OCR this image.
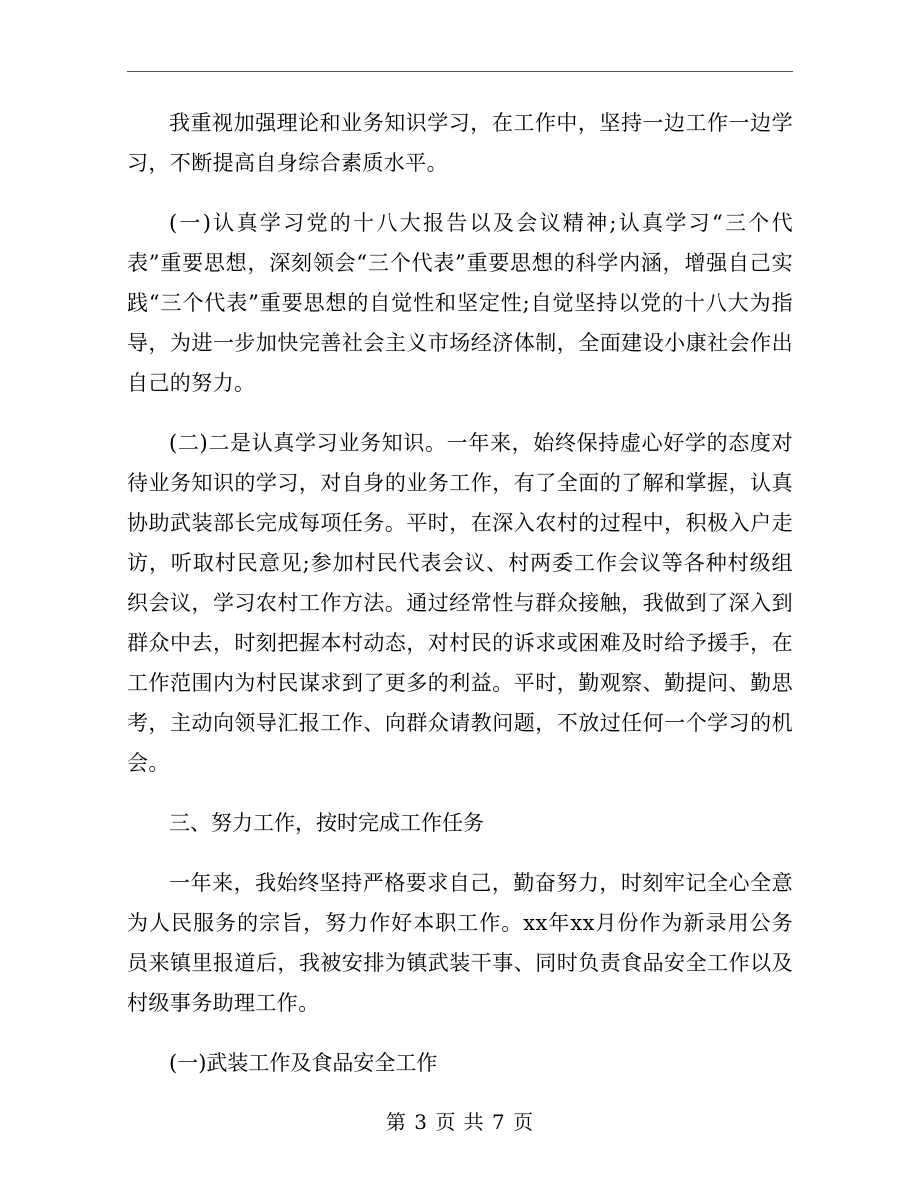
我重视加强理论和业务知识学习，在工作中，坚持一边工作一边学习，不断提高自身综合素质水平。

(一)认真学习党的十八大报告以及会议精神;认真学习“三个代表”重要思想，深刻领会“三个代表”重要思想的科学内涵，增强自己实践“三个代表”重要思想的自觉性和坚定性;自觉坚持以党的十八大为指导，为进一步加快完善社会主义市场经济体制，全面建设小康社会作出自己的努力。

(二)二是认真学习业务知识。一年来，始终保持虚心好学的态度对待业务知识的学习，对自身的业务工作，有了全面的了解和掌握，认真协助武装部长完成每项任务。平时，在深入农村的过程中，积极入户走访，听取村民意见;参加村民代表会议、村两委工作会议等各种村级组织会议，学习农村工作方法。通过经常性与群众接触，我做到了深入到群众中去，时刻把握本村动态，对村民的诉求或困难及时给予援手，在工作范围内为村民谋求到了更多的利益。平时，勤观察、勤提问、勤思考，主动向领导汇报工作、向群众请教问题，不放过任何一个学习的机会。

三、努力工作，按时完成工作任务

一年来，我始终坚持严格要求自己，勤奋努力，时刻牢记全心全意为人民服务的宗旨，努力作好本职工作。xx年xx月份作为新录用公务员来镇里报道后，我被安排为镇武装干事、同时负责食品安全工作以及村级事务助理工作。

(一)武装工作及食品安全工作

第 3 页 共 7 页
